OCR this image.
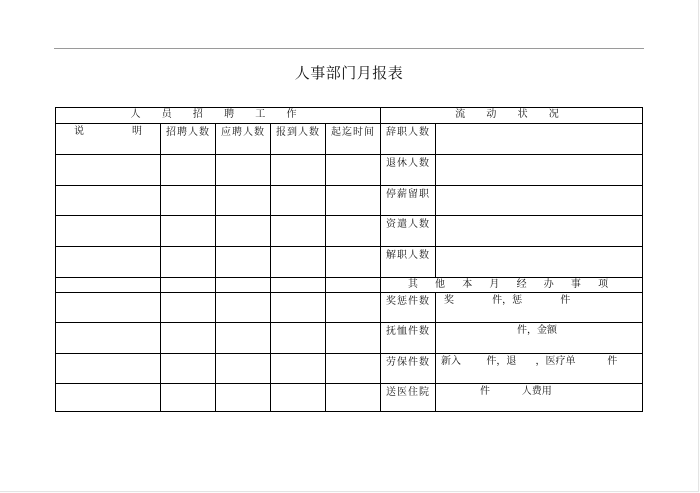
人事部门月报表
人 员 招 聘 工 作					流 动 状 况	

说 明	招聘人数	应聘人数	报到人数	起迄时间	辞职人数	

					退休人数	

					停薪留职	

					资遣人数	

					解职人数	

					其 他 本 月 经 办 事 项	

					奖惩件数	奖            件，惩            件

					抚恤件数	件，金额

					劳保件数	新入        件，退      ，医疗单          件

					送医住院	件          人费用
